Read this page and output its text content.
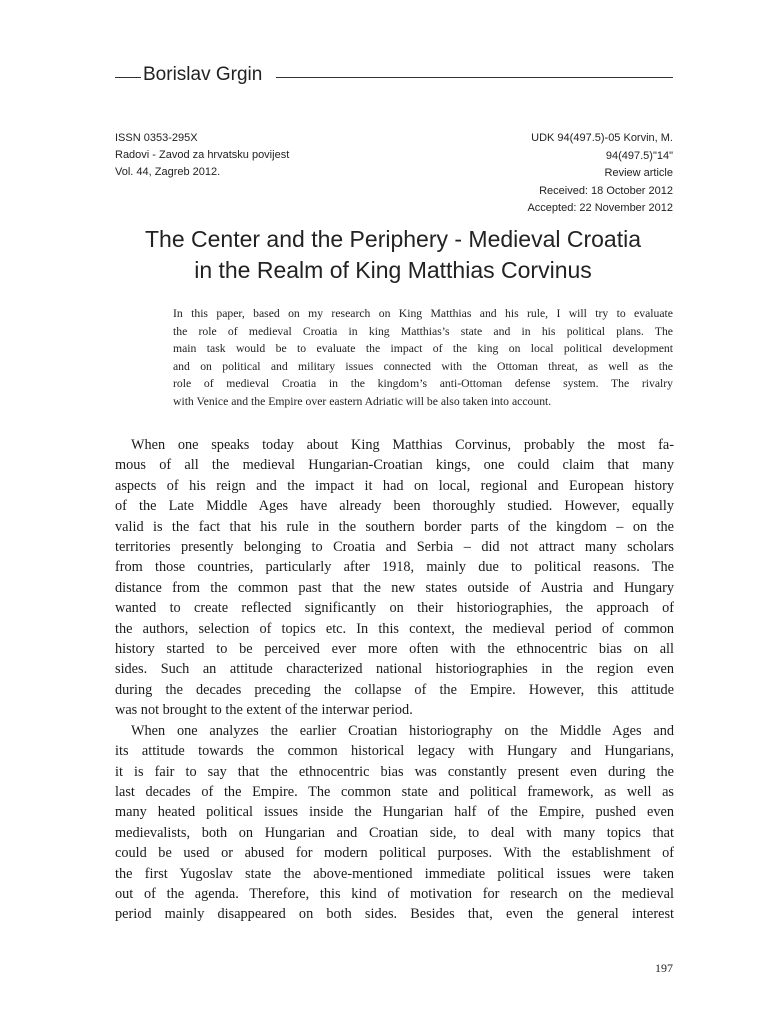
Borislav Grgin

ISSN 0353-295X
Radovi - Zavod za hrvatsku povijest
Vol. 44, Zagreb 2012.
UDK 94(497.5)-05 Korvin, M.
94(497.5)"14"
Review article
Received: 18 October 2012
Accepted: 22 November 2012
The Center and the Periphery - Medieval Croatia
in the Realm of King Matthias Corvinus
In this paper, based on my research on King Matthias and his rule, I will try to evaluate
the role of medieval Croatia in king Matthias’s state and in his political plans. The
main task would be to evaluate the impact of the king on local political development
and on political and military issues connected with the Ottoman threat, as well as the
role of medieval Croatia in the kingdom’s anti-Ottoman defense system. The rivalry
with Venice and the Empire over eastern Adriatic will be also taken into account.
When one speaks today about King Matthias Corvinus, probably the most fa-
mous of all the medieval Hungarian-Croatian kings, one could claim that many
aspects of his reign and the impact it had on local, regional and European history
of the Late Middle Ages have already been thoroughly studied. However, equally
valid is the fact that his rule in the southern border parts of the kingdom – on the
territories presently belonging to Croatia and Serbia – did not attract many scholars
from those countries, particularly after 1918, mainly due to political reasons. The
distance from the common past that the new states outside of Austria and Hungary
wanted to create reflected significantly on their historiographies, the approach of
the authors, selection of topics etc. In this context, the medieval period of common
history started to be perceived ever more often with the ethnocentric bias on all
sides. Such an attitude characterized national historiographies in the region even
during the decades preceding the collapse of the Empire. However, this attitude
was not brought to the extent of the interwar period.
When one analyzes the earlier Croatian historiography on the Middle Ages and
its attitude towards the common historical legacy with Hungary and Hungarians,
it is fair to say that the ethnocentric bias was constantly present even during the
last decades of the Empire. The common state and political framework, as well as
many heated political issues inside the Hungarian half of the Empire, pushed even
medievalists, both on Hungarian and Croatian side, to deal with many topics that
could be used or abused for modern political purposes. With the establishment of
the first Yugoslav state the above-mentioned immediate political issues were taken
out of the agenda. Therefore, this kind of motivation for research on the medieval
period mainly disappeared on both sides. Besides that, even the general interest

197
